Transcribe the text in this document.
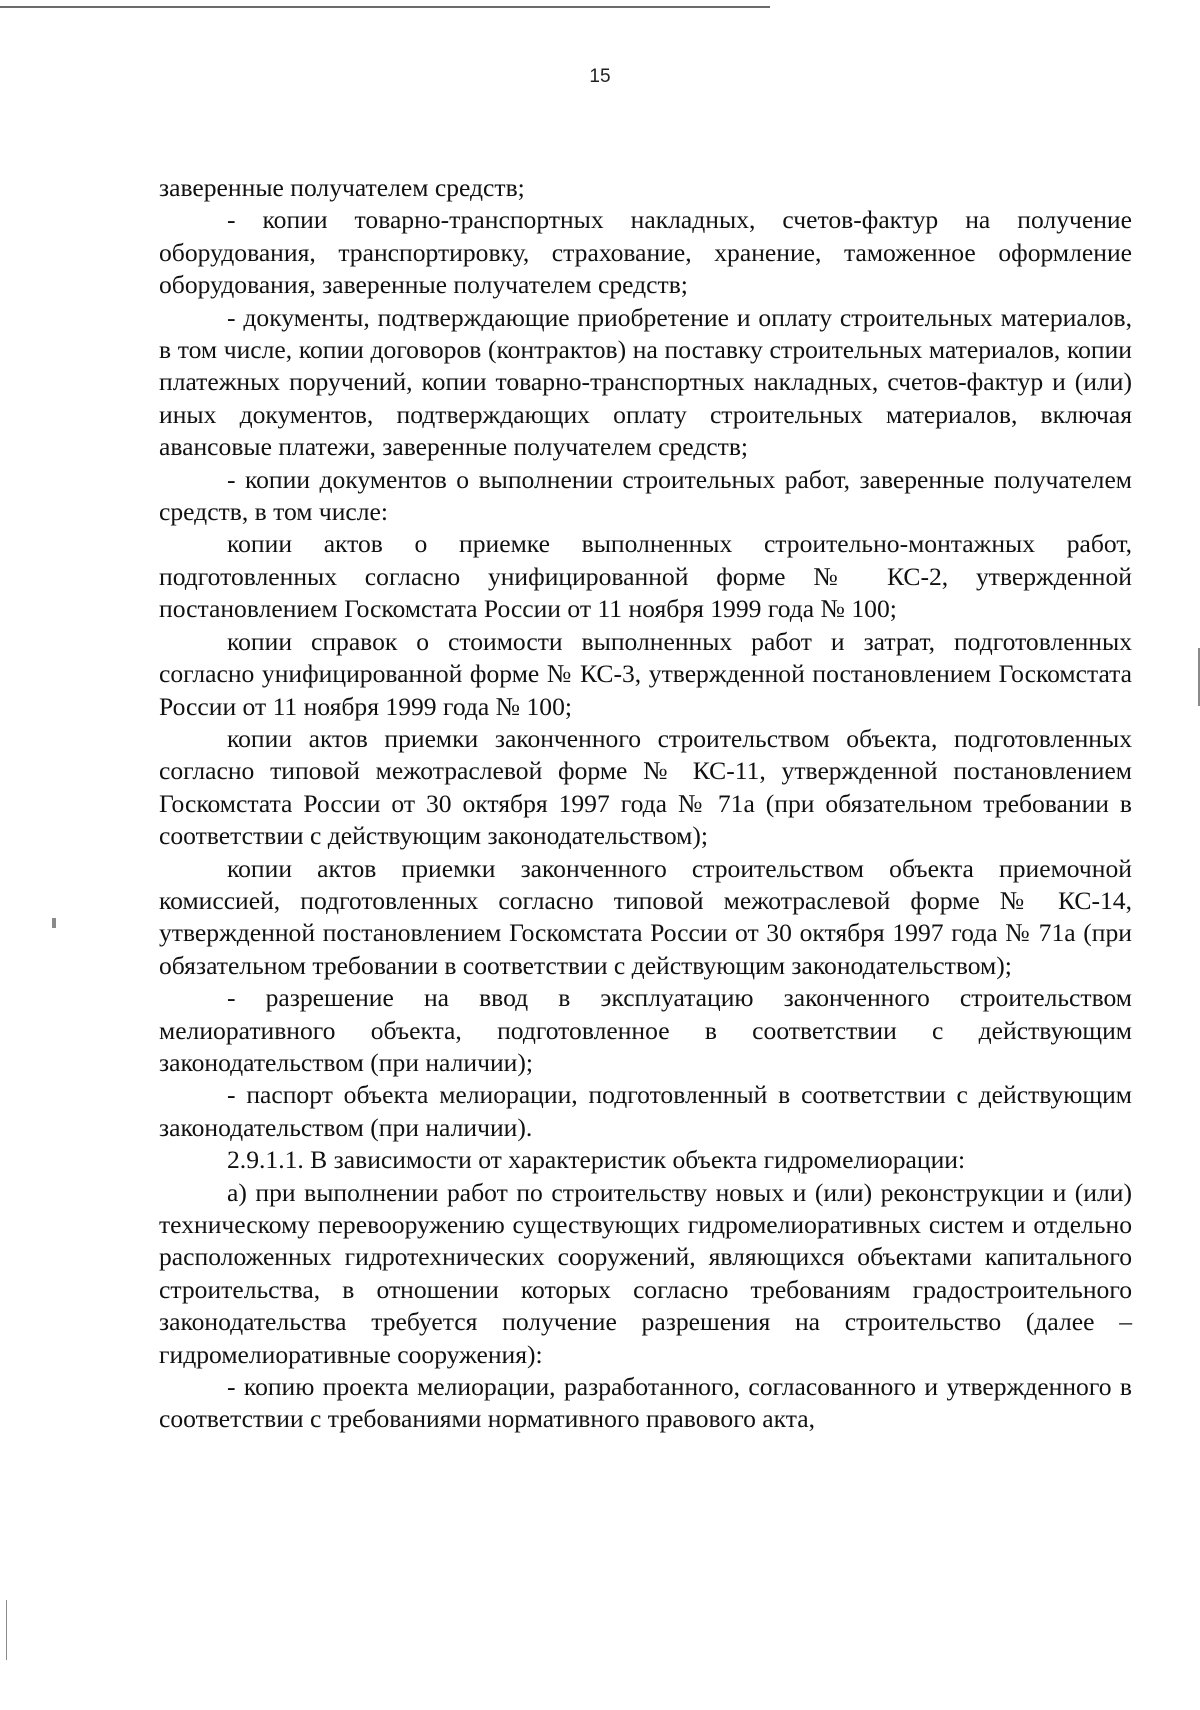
15

заверенные получателем средств;

- копии товарно-транспортных накладных, счетов-фактур на получение оборудования, транспортировку, страхование, хранение, таможенное оформление оборудования, заверенные получателем средств;

- документы, подтверждающие приобретение и оплату строительных материалов, в том числе, копии договоров (контрактов) на поставку строительных материалов, копии платежных поручений, копии товарно-транспортных накладных, счетов-фактур и (или) иных документов, подтверждающих оплату строительных материалов, включая авансовые платежи, заверенные получателем средств;

- копии документов о выполнении строительных работ, заверенные получателем средств, в том числе:

копии актов о приемке выполненных строительно-монтажных работ, подготовленных согласно унифицированной форме № КС-2, утвержденной постановлением Госкомстата России от 11 ноября 1999 года № 100;

копии справок о стоимости выполненных работ и затрат, подготовленных согласно унифицированной форме № КС-3, утвержденной постановлением Госкомстата России от 11 ноября 1999 года № 100;

копии актов приемки законченного строительством объекта, подготовленных согласно типовой межотраслевой форме № КС-11, утвержденной постановлением Госкомстата России от 30 октября 1997 года № 71а (при обязательном требовании в соответствии с действующим законодательством);

копии актов приемки законченного строительством объекта приемочной комиссией, подготовленных согласно типовой межотраслевой форме № КС-14, утвержденной постановлением Госкомстата России от 30 октября 1997 года № 71а (при обязательном требовании в соответствии с действующим законодательством);

- разрешение на ввод в эксплуатацию законченного строительством мелиоративного объекта, подготовленное в соответствии с действующим законодательством (при наличии);

- паспорт объекта мелиорации, подготовленный в соответствии с действующим законодательством (при наличии).

2.9.1.1. В зависимости от характеристик объекта гидромелиорации:

а) при выполнении работ по строительству новых и (или) реконструкции и (или) техническому перевооружению существующих гидромелиоративных систем и отдельно расположенных гидротехнических сооружений, являющихся объектами капитального строительства, в отношении которых согласно требованиям градостроительного законодательства требуется получение разрешения на строительство (далее – гидромелиоративные сооружения):

- копию проекта мелиорации, разработанного, согласованного и утвержденного в соответствии с требованиями нормативного правового акта,
